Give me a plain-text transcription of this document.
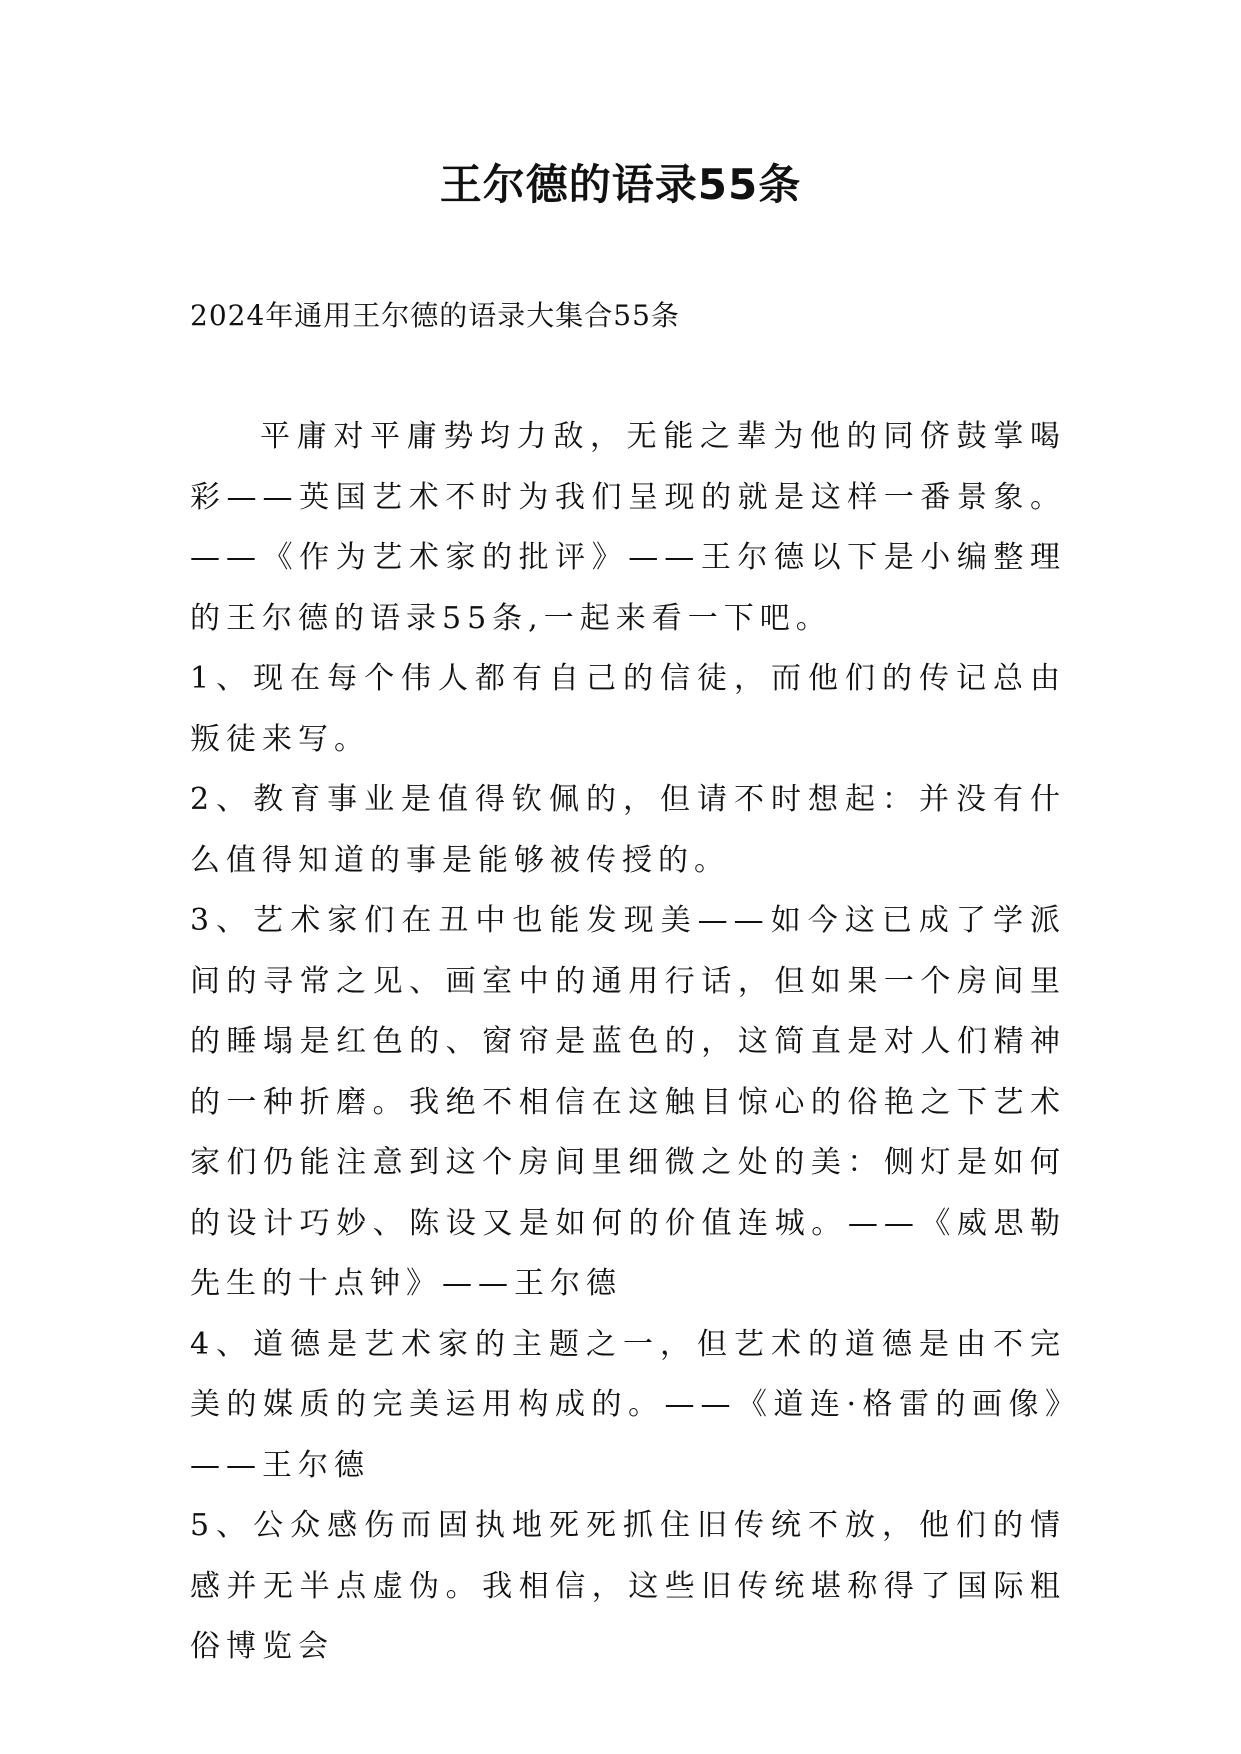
王尔德的语录55条
2024年通用王尔德的语录大集合55条

平庸对平庸势均力敌，无能之辈为他的同侪鼓掌喝彩——英国艺术不时为我们呈现的就是这样一番景象。——《作为艺术家的批评》——王尔德以下是小编整理的王尔德的语录55条,一起来看一下吧。

1、现在每个伟人都有自己的信徒，而他们的传记总由叛徒来写。

2、教育事业是值得钦佩的，但请不时想起：并没有什么值得知道的事是能够被传授的。

3、艺术家们在丑中也能发现美——如今这已成了学派间的寻常之见、画室中的通用行话，但如果一个房间里的睡塌是红色的、窗帘是蓝色的，这简直是对人们精神的一种折磨。我绝不相信在这触目惊心的俗艳之下艺术家们仍能注意到这个房间里细微之处的美：侧灯是如何的设计巧妙、陈设又是如何的价值连城。——《威思勒先生的十点钟》——王尔德

4、道德是艺术家的主题之一，但艺术的道德是由不完美的媒质的完美运用构成的。——《道连·格雷的画像》——王尔德

5、公众感伤而固执地死死抓住旧传统不放，他们的情感并无半点虚伪。我相信，这些旧传统堪称得了国际粗俗博览会
